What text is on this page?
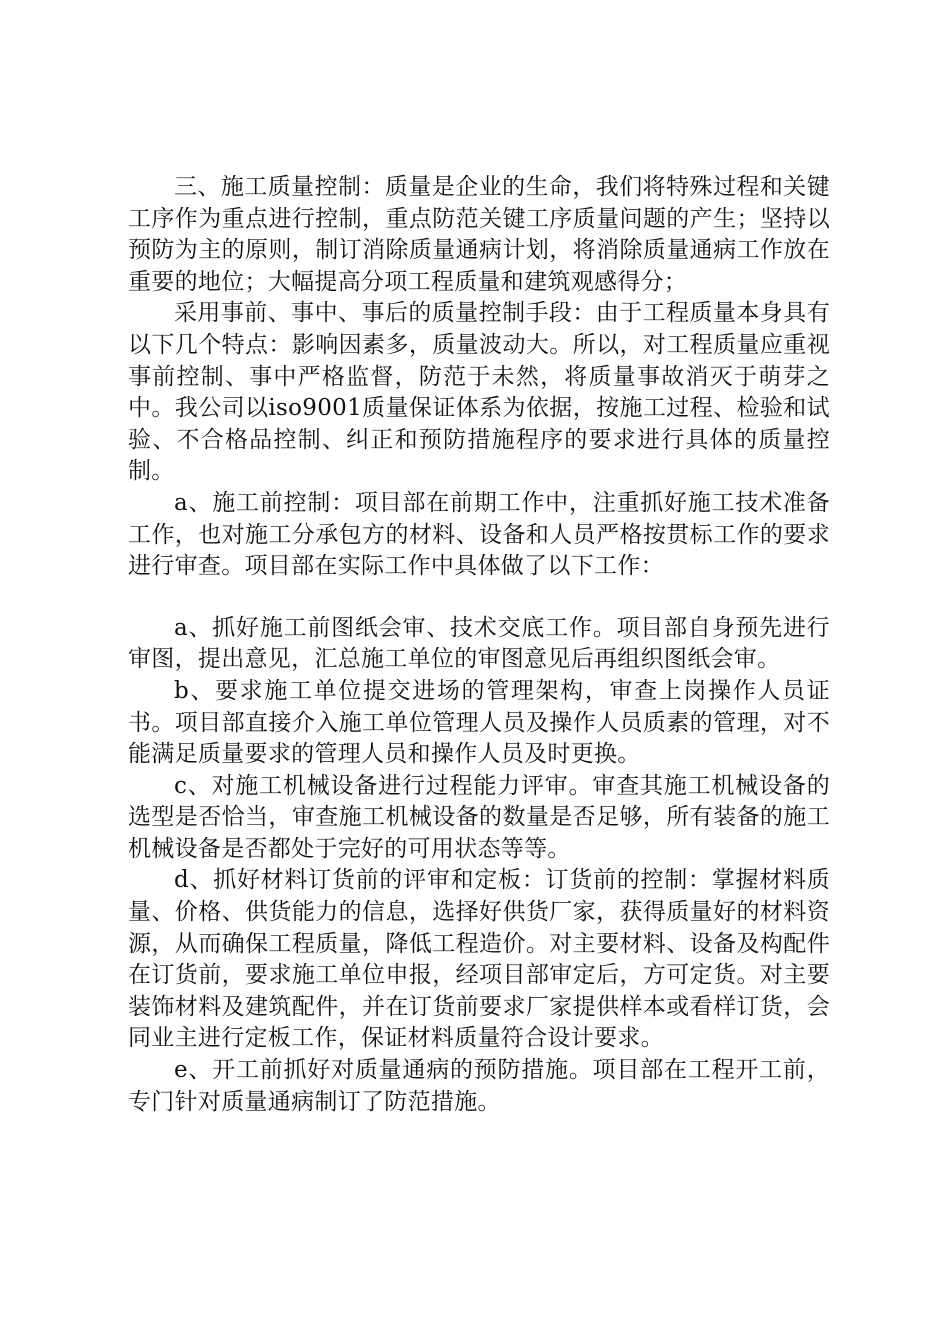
三、施工质量控制：质量是企业的生命，我们将特殊过程和关键工序作为重点进行控制，重点防范关键工序质量问题的产生；坚持以预防为主的原则，制订消除质量通病计划，将消除质量通病工作放在重要的地位；大幅提高分项工程质量和建筑观感得分；

采用事前、事中、事后的质量控制手段：由于工程质量本身具有以下几个特点：影响因素多，质量波动大。所以，对工程质量应重视事前控制、事中严格监督，防范于未然，将质量事故消灭于萌芽之中。我公司以iso9001质量保证体系为依据，按施工过程、检验和试验、不合格品控制、纠正和预防措施程序的要求进行具体的质量控制。

a、施工前控制：项目部在前期工作中，注重抓好施工技术准备工作，也对施工分承包方的材料、设备和人员严格按贯标工作的要求进行审查。项目部在实际工作中具体做了以下工作：

a、抓好施工前图纸会审、技术交底工作。项目部自身预先进行审图，提出意见，汇总施工单位的审图意见后再组织图纸会审。

b、要求施工单位提交进场的管理架构，审查上岗操作人员证书。项目部直接介入施工单位管理人员及操作人员质素的管理，对不能满足质量要求的管理人员和操作人员及时更换。

c、对施工机械设备进行过程能力评审。审查其施工机械设备的选型是否恰当，审查施工机械设备的数量是否足够，所有装备的施工机械设备是否都处于完好的可用状态等等。

d、抓好材料订货前的评审和定板：订货前的控制：掌握材料质量、价格、供货能力的信息，选择好供货厂家，获得质量好的材料资源，从而确保工程质量，降低工程造价。对主要材料、设备及构配件在订货前，要求施工单位申报，经项目部审定后，方可定货。对主要装饰材料及建筑配件，并在订货前要求厂家提供样本或看样订货，会同业主进行定板工作，保证材料质量符合设计要求。

e、开工前抓好对质量通病的预防措施。项目部在工程开工前，专门针对质量通病制订了防范措施。
